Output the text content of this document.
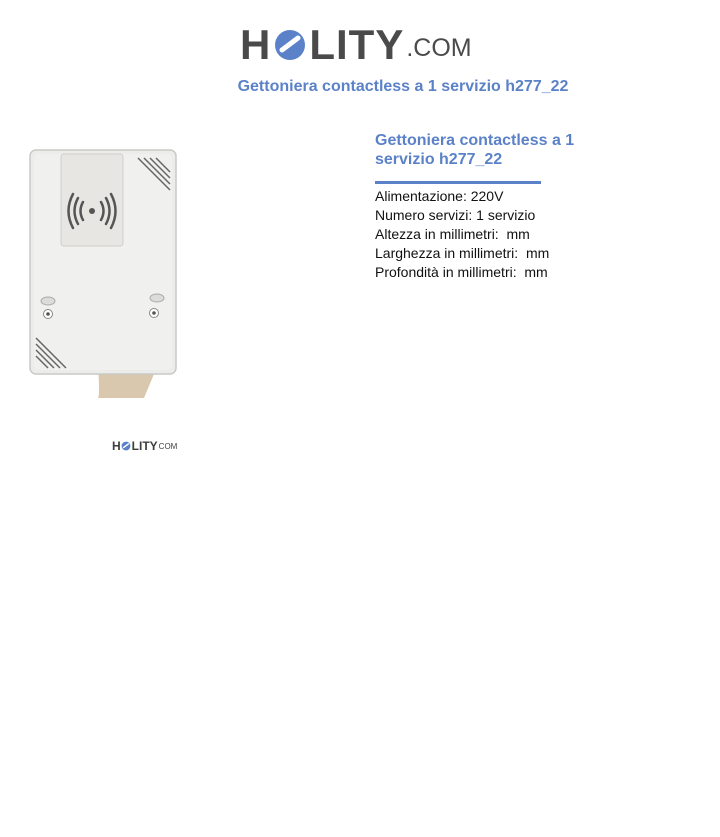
H LITY .COM
Gettoniera contactless a 1 servizio h277_22
H LITY COM
Gettoniera contactless a 1 servizio h277_22
Alimentazione: 220V
Numero servizi: 1 servizio
Altezza in millimetri:  mm
Larghezza in millimetri:  mm
Profondità in millimetri:  mm
